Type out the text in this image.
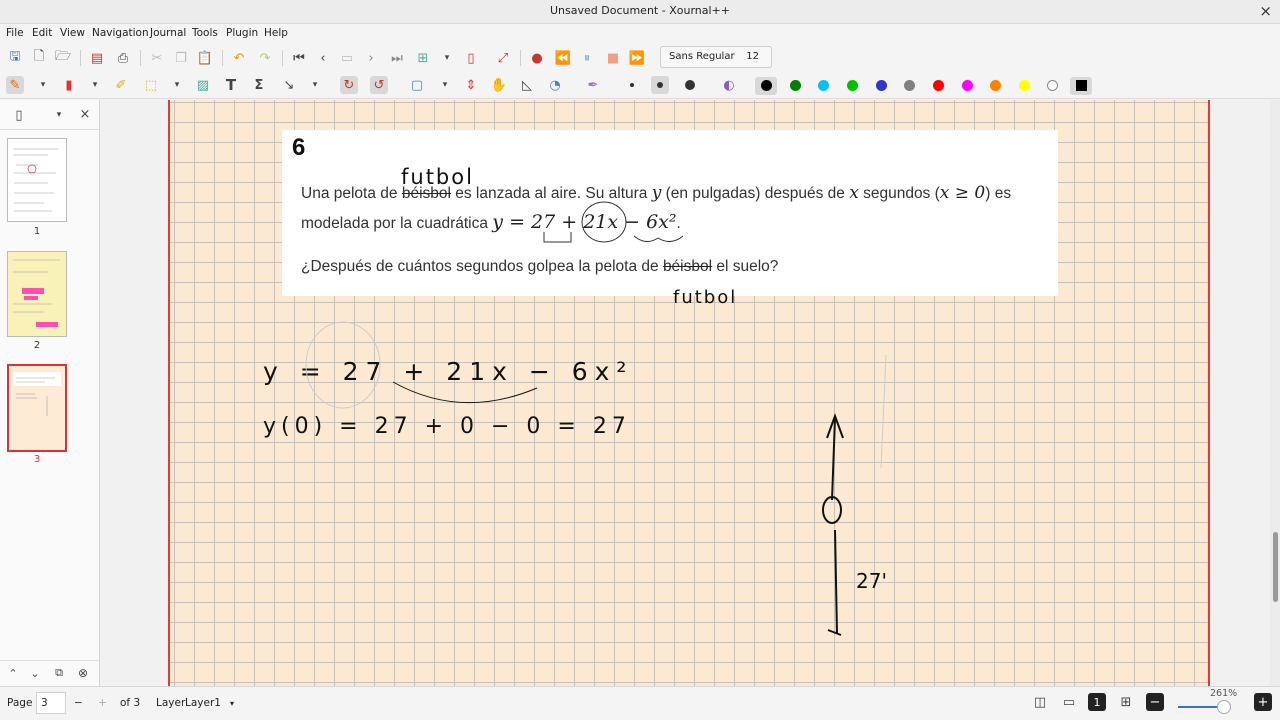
Unsaved Document - Xournal++	×
File Edit View Navigation Journal Tools Plugin Help
🖫 🗋 🗁 ▤ ⎙ ✂ ❐ 📋 ↶ ↷ ⏮	‹	▭	›	⏭ ⊞	▾	▯	⤢ ● ⏪ ⏸	■ ⏩	Sans Regular 12
✎	▾	▮	▾	✐ ⬚	▾	▨ T	Σ	↘	▾	↻ ↺ ▢	▾	⇕ ✋	◺	◔ ✒	◐
▯	▾	×
1
2
3
⌃	⌄	⧉	⊗
6
Una pelota de béisbol es lanzada al aire. Su altura y (en pulgadas) después de x segundos (x ≥ 0) es
modelada por la cuadrática y = 27 + 21x − 6x².
¿Después de cuántos segundos golpea la pelota de béisbol el suelo?
futbol
futbol
y = 27 + 21x − 6x²
y(0) = 27 + 0 − 0 = 27
27'
Page 3	− + of 3 Layer Layer1 ▾	◫ ▭	1	⊞ −
261%
+
